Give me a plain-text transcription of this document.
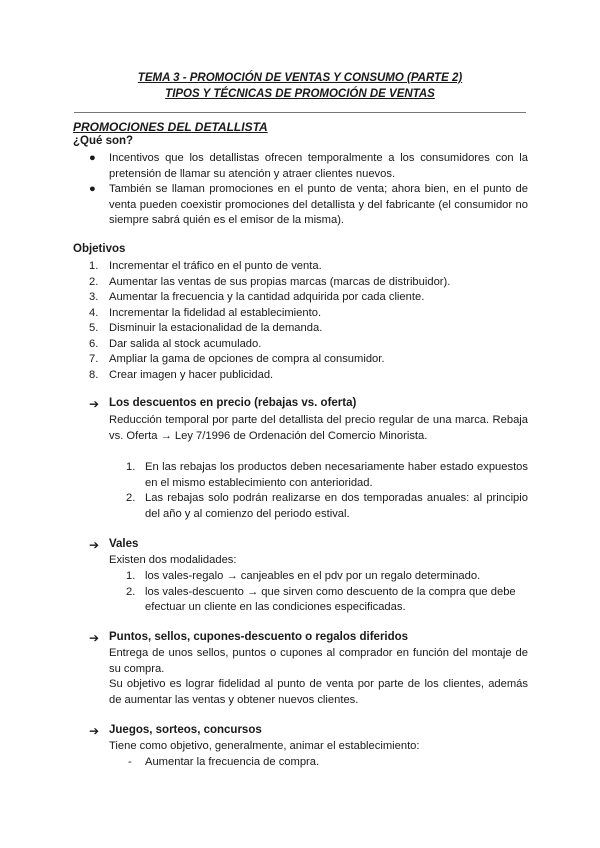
TEMA 3 - PROMOCIÓN DE VENTAS Y CONSUMO (PARTE 2)
TIPOS Y TÉCNICAS DE PROMOCIÓN DE VENTAS
PROMOCIONES DEL DETALLISTA
¿Qué son?
● Incentivos que los detallistas ofrecen temporalmente a los consumidores con la pretensión de llamar su atención y atraer clientes nuevos.
● También se llaman promociones en el punto de venta; ahora bien, en el punto de venta pueden coexistir promociones del detallista y del fabricante (el consumidor no siempre sabrá quién es el emisor de la misma).
Objetivos
1. Incrementar el tráfico en el punto de venta.
2. Aumentar las ventas de sus propias marcas (marcas de distribuidor).
3. Aumentar la frecuencia y la cantidad adquirida por cada cliente.
4. Incrementar la fidelidad al establecimiento.
5. Disminuir la estacionalidad de la demanda.
6. Dar salida al stock acumulado.
7. Ampliar la gama de opciones de compra al consumidor.
8. Crear imagen y hacer publicidad.
➔ Los descuentos en precio (rebajas vs. oferta)
Reducción temporal por parte del detallista del precio regular de una marca. Rebaja vs. Oferta → Ley 7/1996 de Ordenación del Comercio Minorista.
1. En las rebajas los productos deben necesariamente haber estado expuestos en el mismo establecimiento con anterioridad.
2. Las rebajas solo podrán realizarse en dos temporadas anuales: al principio del año y al comienzo del periodo estival.
➔ Vales
Existen dos modalidades:
1. los vales-regalo → canjeables en el pdv por un regalo determinado.
2. los vales-descuento → que sirven como descuento de la compra que debe efectuar un cliente en las condiciones especificadas.
➔ Puntos, sellos, cupones-descuento o regalos diferidos
Entrega de unos sellos, puntos o cupones al comprador en función del montaje de su compra.
Su objetivo es lograr fidelidad al punto de venta por parte de los clientes, además de aumentar las ventas y obtener nuevos clientes.
➔ Juegos, sorteos, concursos
Tiene como objetivo, generalmente, animar el establecimiento:
- Aumentar la frecuencia de compra.
